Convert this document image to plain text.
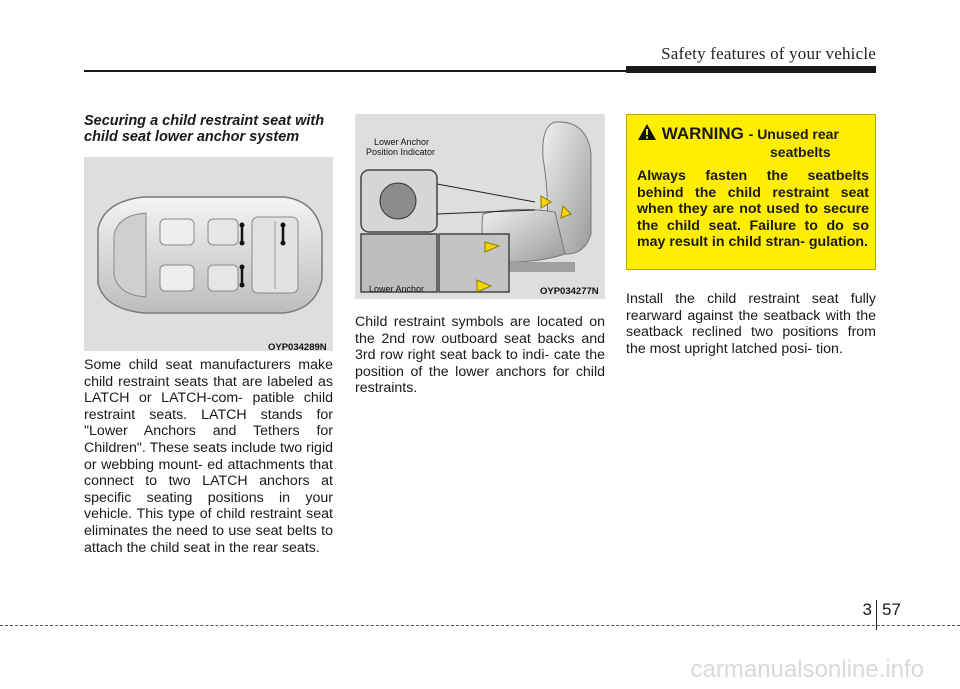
Safety features of your vehicle
Securing a child restraint seat with child seat lower anchor system
OYP034289N
Some child seat manufacturers make child restraint seats that are labeled as LATCH or LATCH-com- patible child restraint seats. LATCH stands for "Lower Anchors and Tethers for Children". These seats include two rigid or webbing mount- ed attachments that connect to two LATCH anchors at specific seating positions in your vehicle. This type of child restraint seat eliminates the need to use seat belts to attach the child seat in the rear seats.
Lower Anchor
Position Indicator
Lower Anchor	OYP034277N
Child restraint symbols are located on the 2nd row outboard seat backs and 3rd row right seat back to indi- cate the position of the lower anchors for child restraints.
WARNING - Unused rear
seatbelts
Always fasten the seatbelts behind the child restraint seat when they are not used to secure the child seat. Failure to do so may result in child stran- gulation.
Install the child restraint seat fully rearward against the seatback with the seatback reclined two positions from the most upright latched posi- tion.
3 57
carmanualsonline.info
